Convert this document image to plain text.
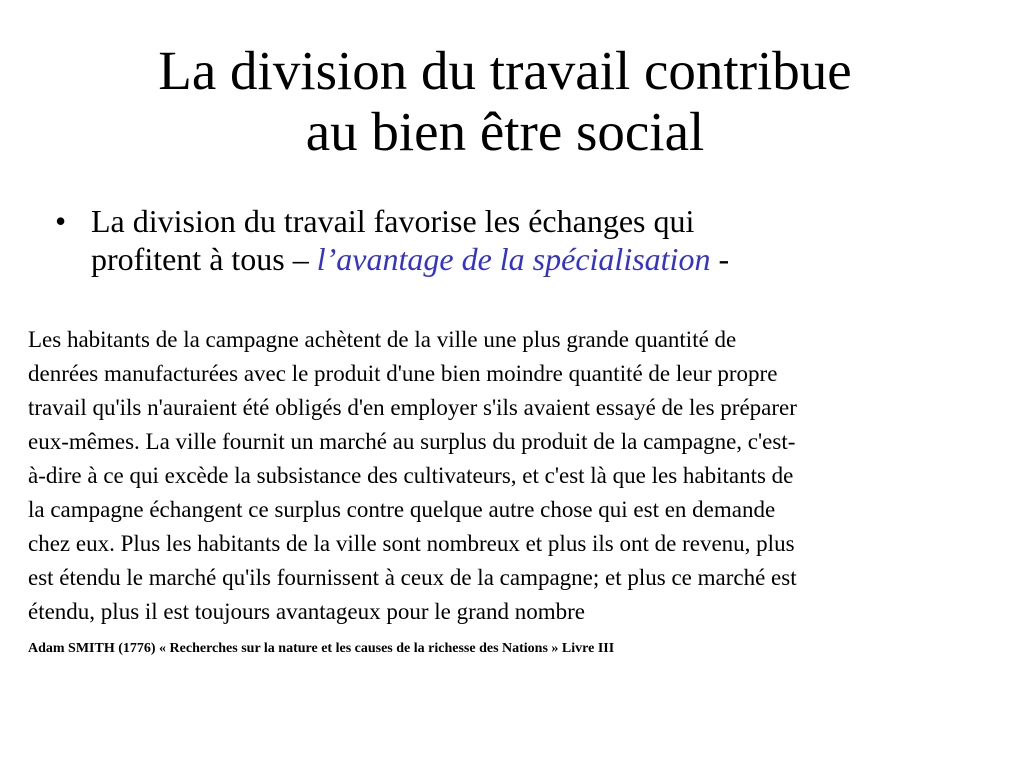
La division du travail contribue
au bien être social
• La division du travail favorise les échanges qui
profitent à tous – l’avantage de la spécialisation -
Les habitants de la campagne achètent de la ville une plus grande quantité de
denrées manufacturées avec le produit d'une bien moindre quantité de leur propre
travail qu'ils n'auraient été obligés d'en employer s'ils avaient essayé de les préparer
eux-mêmes. La ville fournit un marché au surplus du produit de la campagne, c'est-
à-dire à ce qui excède la subsistance des cultivateurs, et c'est là que les habitants de
la campagne échangent ce surplus contre quelque autre chose qui est en demande
chez eux. Plus les habitants de la ville sont nombreux et plus ils ont de revenu, plus
est étendu le marché qu'ils fournissent à ceux de la campagne; et plus ce marché est
étendu, plus il est toujours avantageux pour le grand nombre
Adam SMITH (1776) « Recherches sur la nature et les causes de la richesse des Nations » Livre III
